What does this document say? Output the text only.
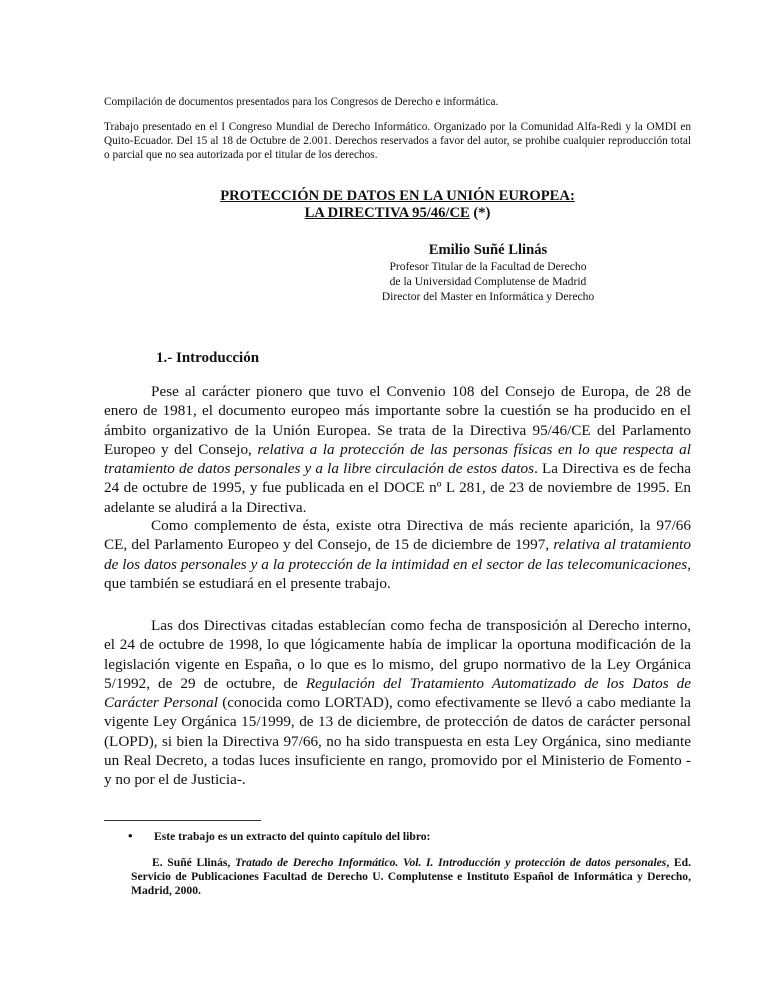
Compilación de documentos presentados para los Congresos de Derecho e informática.
Trabajo presentado en el I Congreso Mundial de Derecho Informático. Organizado por la Comunidad Alfa-Redi y la OMDI en Quito-Ecuador. Del 15 al 18 de Octubre de 2.001. Derechos reservados a favor del autor, se prohibe cualquier reproducción total o parcial que no sea autorizada por el titular de los derechos.
PROTECCIÓN DE DATOS EN LA UNIÓN EUROPEA:
LA DIRECTIVA 95/46/CE (*)
Emilio Suñé Llinás
Profesor Titular de la Facultad de Derecho
de la Universidad Complutense de Madrid
Director del Master en Informática y Derecho
1.- Introducción
Pese al carácter pionero que tuvo el Convenio 108 del Consejo de Europa, de 28 de enero de 1981, el documento europeo más importante sobre la cuestión se ha producido en el ámbito organizativo de la Unión Europea. Se trata de la Directiva 95/46/CE del Parlamento Europeo y del Consejo, relativa a la protección de las personas físicas en lo que respecta al tratamiento de datos personales y a la libre circulación de estos datos. La Directiva es de fecha 24 de octubre de 1995, y fue publicada en el DOCE nº L 281, de 23 de noviembre de 1995. En adelante se aludirá a la Directiva.
Como complemento de ésta, existe otra Directiva de más reciente aparición, la 97/66 CE, del Parlamento Europeo y del Consejo, de 15 de diciembre de 1997, relativa al tratamiento de los datos personales y a la protección de la intimidad en el sector de las telecomunicaciones, que también se estudiará en el presente trabajo.
Las dos Directivas citadas establecían como fecha de transposición al Derecho interno, el 24 de octubre de 1998, lo que lógicamente había de implicar la oportuna modificación de la legislación vigente en España, o lo que es lo mismo, del grupo normativo de la Ley Orgánica 5/1992, de 29 de octubre, de Regulación del Tratamiento Automatizado de los Datos de Carácter Personal (conocida como LORTAD), como efectivamente se llevó a cabo mediante la vigente Ley Orgánica 15/1999, de 13 de diciembre, de protección de datos de carácter personal (LOPD), si bien la Directiva 97/66, no ha sido transpuesta en esta Ley Orgánica, sino mediante un Real Decreto, a todas luces insuficiente en rango, promovido por el Ministerio de Fomento -y no por el de Justicia-.
• Este trabajo es un extracto del quinto capítulo del libro:
E. Suñé Llinás, Tratado de Derecho Informático. Vol. I. Introducción y protección de datos personales, Ed. Servicio de Publicaciones Facultad de Derecho U. Complutense e Instituto Español de Informática y Derecho, Madrid, 2000.
